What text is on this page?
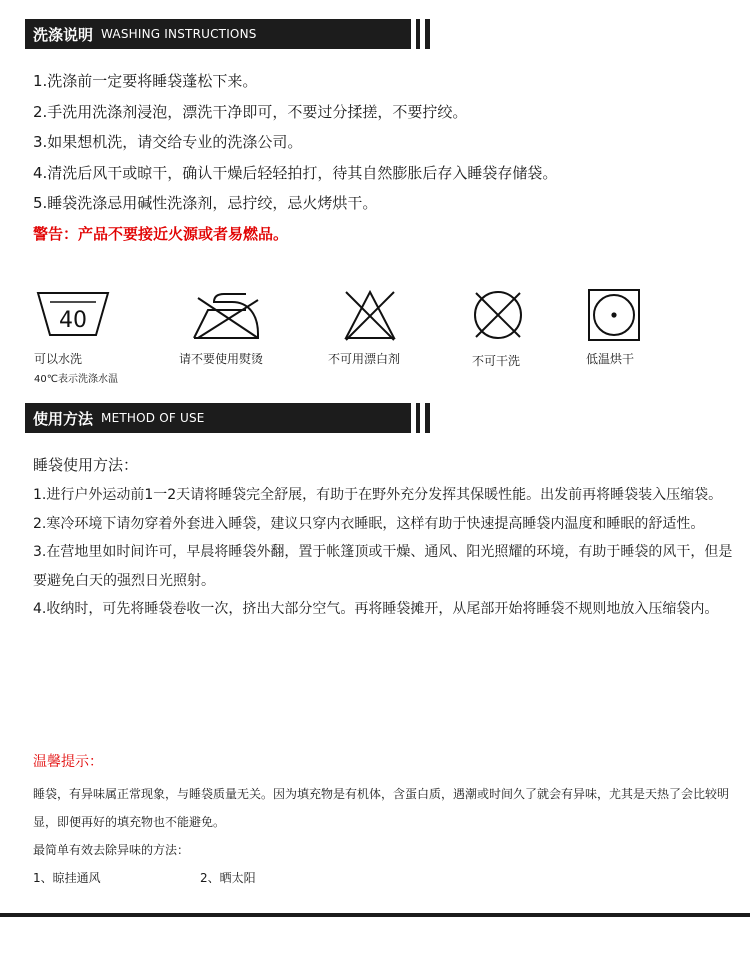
洗涤说明 WASHING INSTRUCTIONS
1.洗涤前一定要将睡袋蓬松下来。
2.手洗用洗涤剂浸泡，漂洗干净即可，不要过分揉搓，不要拧绞。
3.如果想机洗，请交给专业的洗涤公司。
4.清洗后风干或晾干，确认干燥后轻轻拍打，待其自然膨胀后存入睡袋存储袋。
5.睡袋洗涤忌用碱性洗涤剂，忌拧绞，忌火烤烘干。
警告：产品不要接近火源或者易燃品。
40
可以水洗
40℃表示洗涤水温
请不要使用熨烫	不可用漂白剂	不可干洗	低温烘干
使用方法 METHOD OF USE
睡袋使用方法：
1.进行户外运动前1一2天请将睡袋完全舒展，有助于在野外充分发挥其保暖性能。出发前再将睡袋装入压缩袋。
2.寒冷环境下请勿穿着外套进入睡袋，建议只穿内衣睡眠，这样有助于快速提高睡袋内温度和睡眠的舒适性。
3.在营地里如时间许可，早晨将睡袋外翻，置于帐篷顶或干燥、通风、阳光照耀的环境，有助于睡袋的风干，但是要避免白天的强烈日光照射。
4.收纳时，可先将睡袋卷收一次，挤出大部分空气。再将睡袋摊开，从尾部开始将睡袋不规则地放入压缩袋内。
温馨提示：
睡袋，有异味属正常现象，与睡袋质量无关。因为填充物是有机体，含蛋白质，遇潮或时间久了就会有异味，尤其是天热了会比较明显，即便再好的填充物也不能避免。
最简单有效去除异味的方法：
1、晾挂通风	2、晒太阳
